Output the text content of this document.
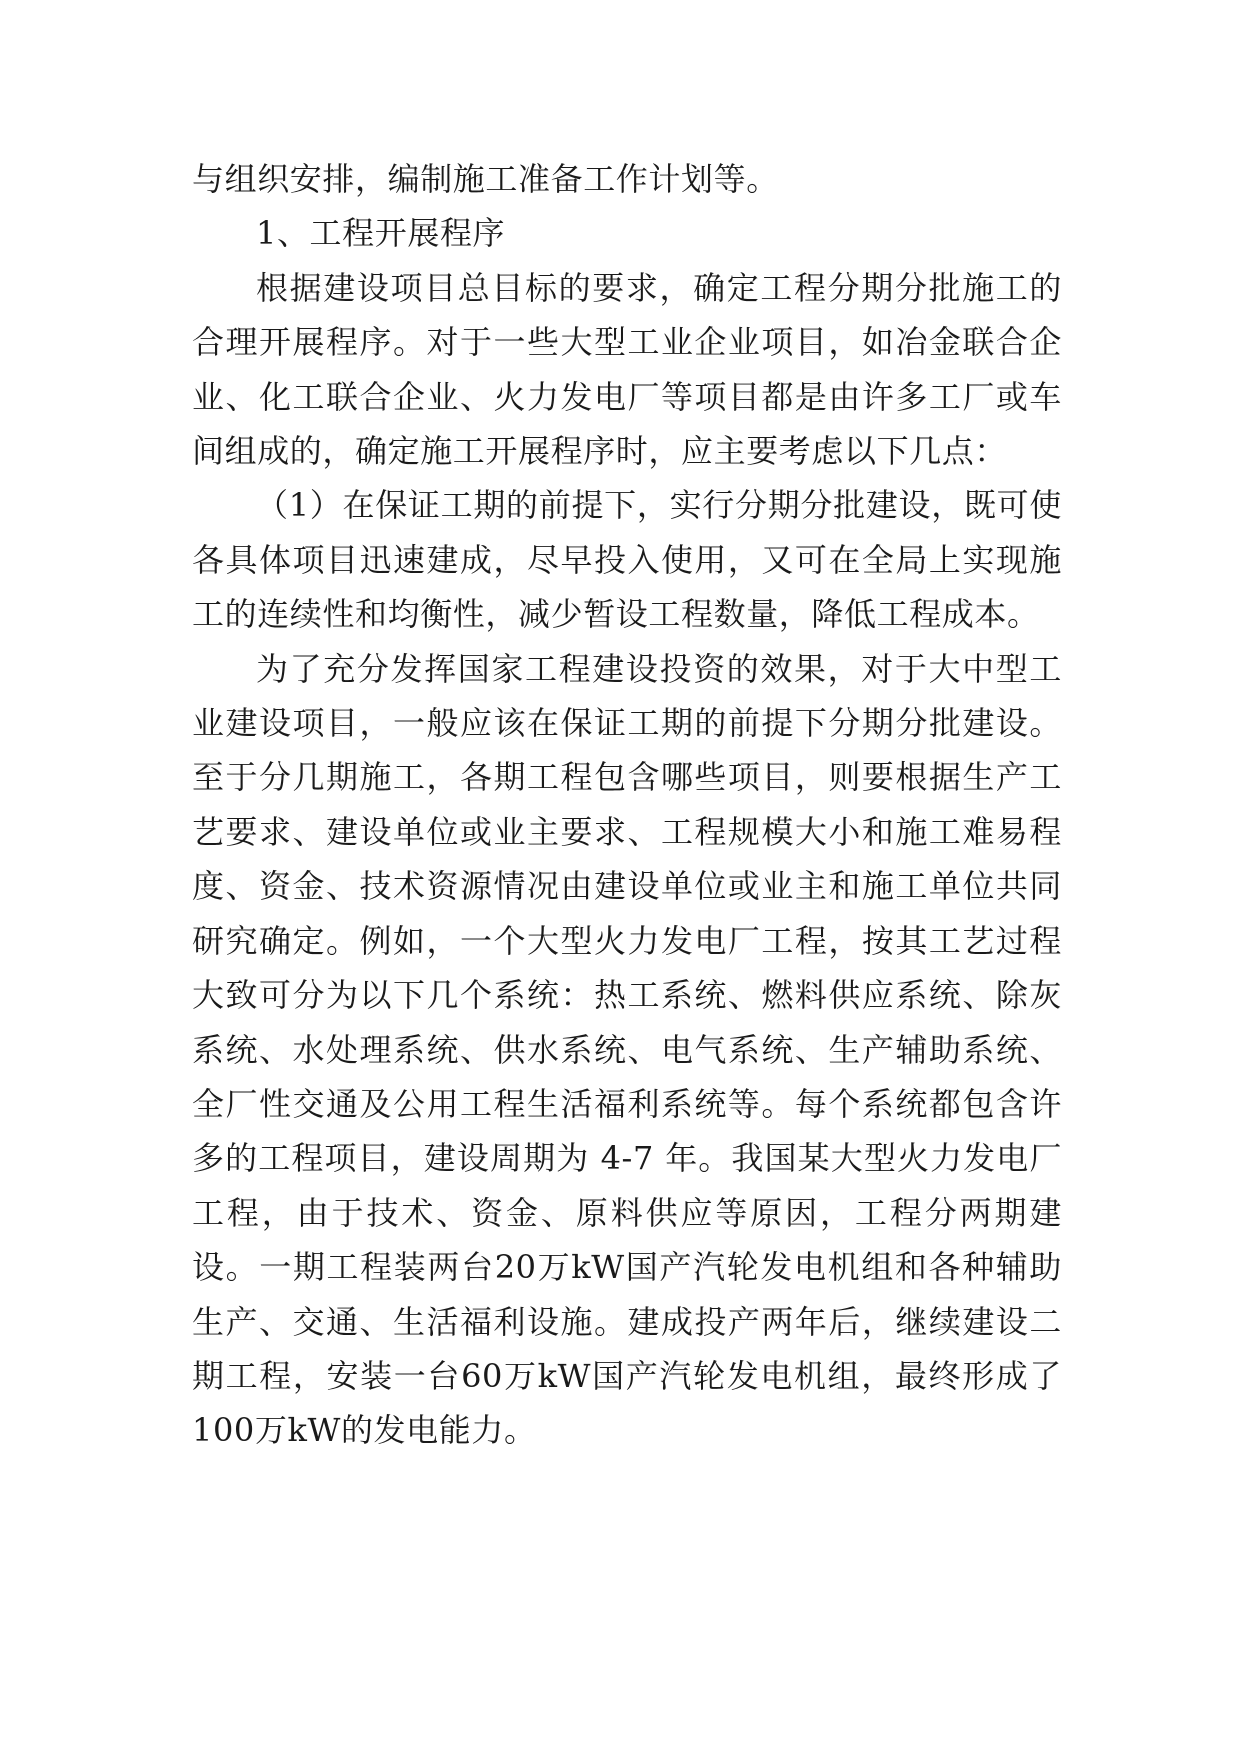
与组织安排，编制施工准备工作计划等。

1、工程开展程序

根据建设项目总目标的要求，确定工程分期分批施工的合理开展程序。对于一些大型工业企业项目，如冶金联合企业、化工联合企业、火力发电厂等项目都是由许多工厂或车间组成的，确定施工开展程序时，应主要考虑以下几点：

（1）在保证工期的前提下，实行分期分批建设，既可使各具体项目迅速建成，尽早投入使用，又可在全局上实现施工的连续性和均衡性，减少暂设工程数量，降低工程成本。

为了充分发挥国家工程建设投资的效果，对于大中型工业建设项目，一般应该在保证工期的前提下分期分批建设。至于分几期施工，各期工程包含哪些项目，则要根据生产工艺要求、建设单位或业主要求、工程规模大小和施工难易程度、资金、技术资源情况由建设单位或业主和施工单位共同研究确定。例如，一个大型火力发电厂工程，按其工艺过程大致可分为以下几个系统：热工系统、燃料供应系统、除灰系统、水处理系统、供水系统、电气系统、生产辅助系统、全厂性交通及公用工程生活福利系统等。每个系统都包含许多的工程项目，建设周期为 4-7 年。我国某大型火力发电厂工程，由于技术、资金、原料供应等原因，工程分两期建设。一期工程装两台20万kW国产汽轮发电机组和各种辅助生产、交通、生活福利设施。建成投产两年后，继续建设二期工程，安装一台60万kW国产汽轮发电机组，最终形成了100万kW的发电能力。
